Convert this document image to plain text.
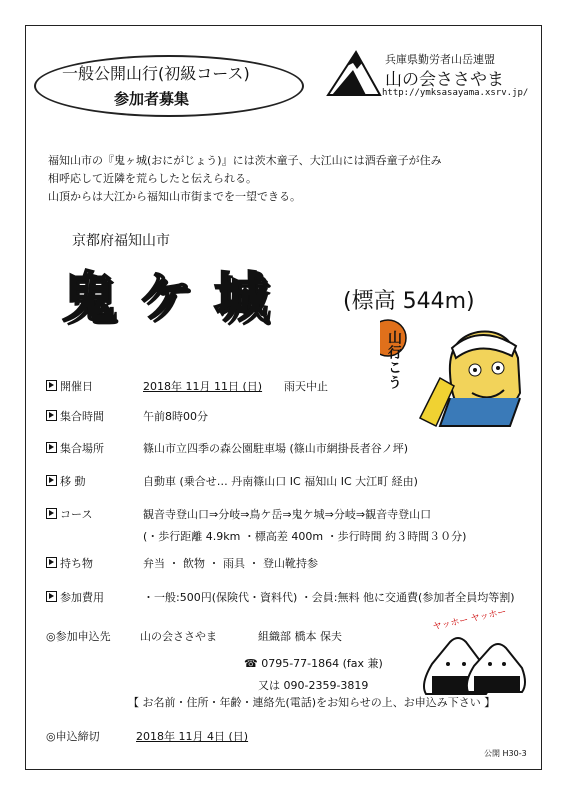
一般公開山行(初級コース)
参加者募集
兵庫県勤労者山岳連盟
山の会ささやま
http://ymksasayama.xsrv.jp/
福知山市の『鬼ヶ城(おにがじょう)』には茨木童子、大江山には酒呑童子が住み
相呼応して近隣を荒らしたと伝えられる。
山頂からは大江から福知山市街までを一望できる。
京都府福知山市
鬼ケ城 (標高 544m)
山行こう
開催日	2018年 11月 11日 (日) 雨天中止
集合時間	午前8時00分
集合場所	篠山市立四季の森公園駐車場 (篠山市網掛長者谷ノ坪)
移 動	自動車 (乗合せ… 丹南篠山口 IC 福知山 IC 大江町 経由)
コース	観音寺登山口⇒分岐⇒鳥ケ岳⇒鬼ケ城⇒分岐⇒観音寺登山口
(・歩行距離 4.9km ・標高差 400m ・歩行時間 約３時間３０分)
持ち物	弁当 ・ 飲物 ・ 雨具 ・ 登山靴持参
参加費用	・一般:500円(保険代・資料代) ・会員:無料 他に交通費(参加者全員均等割)
◎参加申込先	山の会ささやま	組織部 橋本 保夫
☎ 0795-77-1864 (fax 兼)
又は 090-2359-3819
【 お名前・住所・年齢・連絡先(電話)をお知らせの上、お申込み下さい 】
ヤッホー ヤッホー
◎申込締切	2018年 11月 4日 (日)
公開 H30-3
